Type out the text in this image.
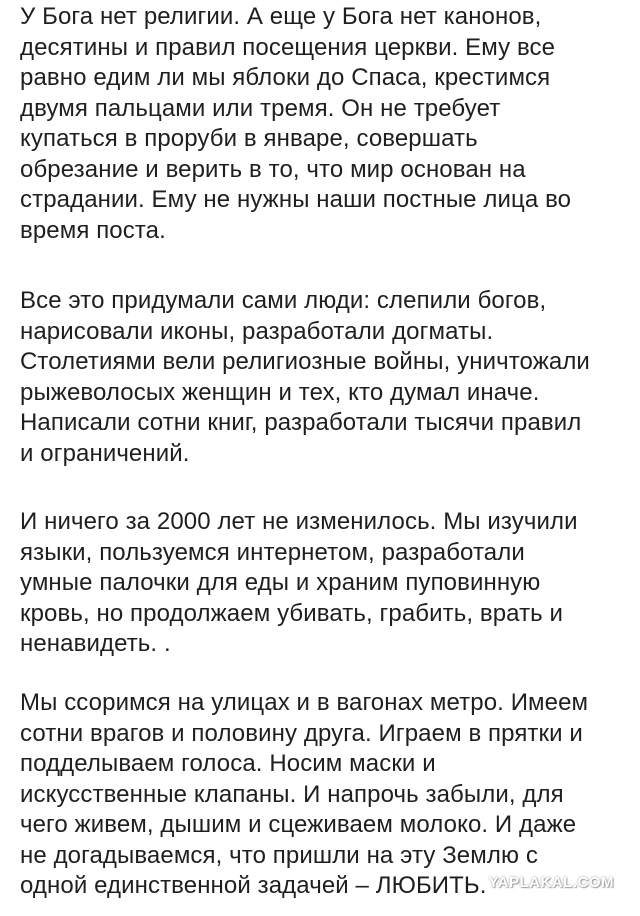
У Бога нет религии. А еще у Бога нет канонов,
десятины и правил посещения церкви. Ему все
равно едим ли мы яблоки до Спаса, крестимся
двумя пальцами или тремя. Он не требует
купаться в проруби в январе, совершать
обрезание и верить в то, что мир основан на
страдании. Ему не нужны наши постные лица во
время поста.

Все это придумали сами люди: слепили богов,
нарисовали иконы, разработали догматы.
Столетиями вели религиозные войны, уничтожали
рыжеволосых женщин и тех, кто думал иначе.
Написали сотни книг, разработали тысячи правил
и ограничений.

И ничего за 2000 лет не изменилось. Мы изучили
языки, пользуемся интернетом, разработали
умные палочки для еды и храним пуповинную
кровь, но продолжаем убивать, грабить, врать и
ненавидеть. .

Мы ссоримся на улицах и в вагонах метро. Имеем
сотни врагов и половину друга. Играем в прятки и
подделываем голоса. Носим маски и
искусственные клапаны. И напрочь забыли, для
чего живем, дышим и сцеживаем молоко. И даже
не догадываемся, что пришли на эту Землю с
одной единственной задачей – ЛЮБИТЬ. YAPLAKAL.COM
